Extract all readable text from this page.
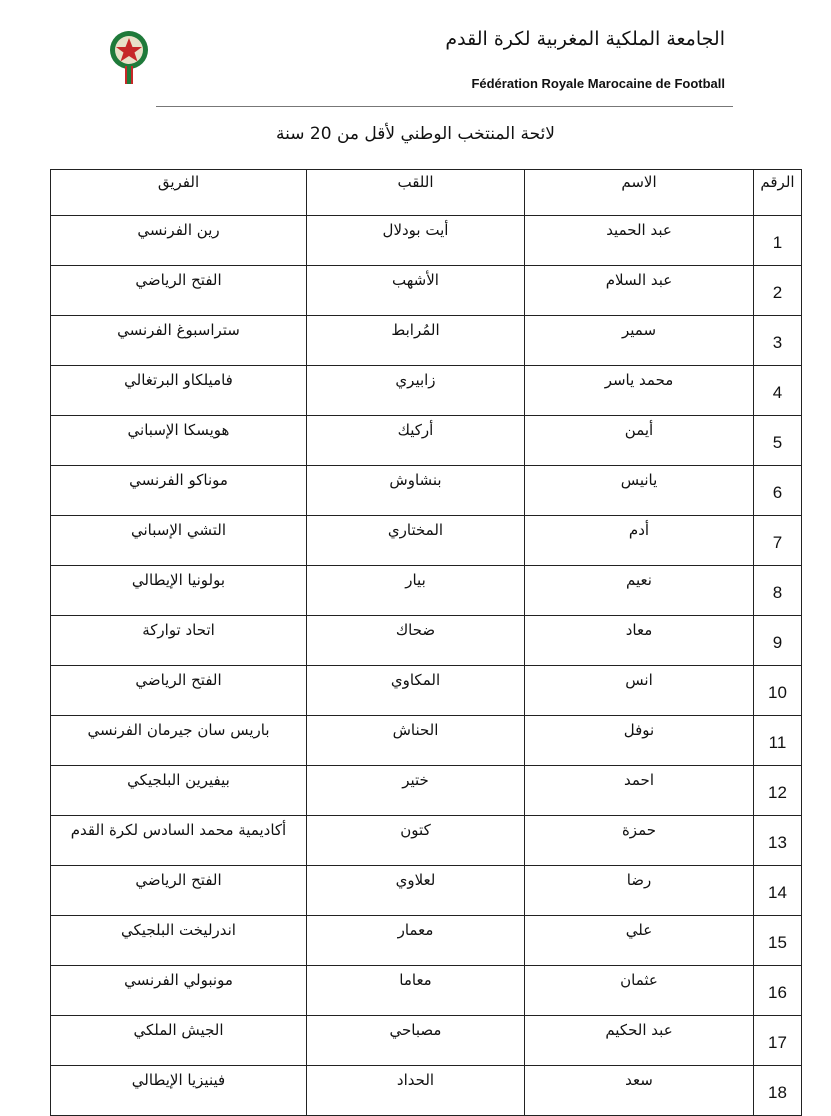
الجامعة الملكية المغربية لكرة القدم
Fédération Royale Marocaine de Football
لائحة المنتخب الوطني لأقل من 20 سنة
الرقم	الاسم	اللقب	الفريق
1	عبد الحميد	أيت بودلال	رين الفرنسي
2	عبد السلام	الأشهب	الفتح الرياضي
3	سمير	المُرابط	ستراسبوغ الفرنسي
4	محمد ياسر	زابيري	فاميلكاو البرتغالي
5	أيمن	أركيك	هويسكا الإسباني
6	يانيس	بنشاوش	موناكو الفرنسي
7	أدم	المختاري	التشي الإسباني
8	نعيم	بيار	بولونيا الإيطالي
9	معاد	ضحاك	اتحاد تواركة
10	انس	المكاوي	الفتح الرياضي
11	نوفل	الحناش	باريس سان جيرمان الفرنسي
12	احمد	ختير	بيفيرين البلجيكي
13	حمزة	كتون	أكاديمية محمد السادس لكرة القدم
14	رضا	لعلاوي	الفتح الرياضي
15	علي	معمار	اندرليخت البلجيكي
16	عثمان	معاما	مونبولي الفرنسي
17	عبد الحكيم	مصباحي	الجيش الملكي
18	سعد	الحداد	فينيزيا الإيطالي
